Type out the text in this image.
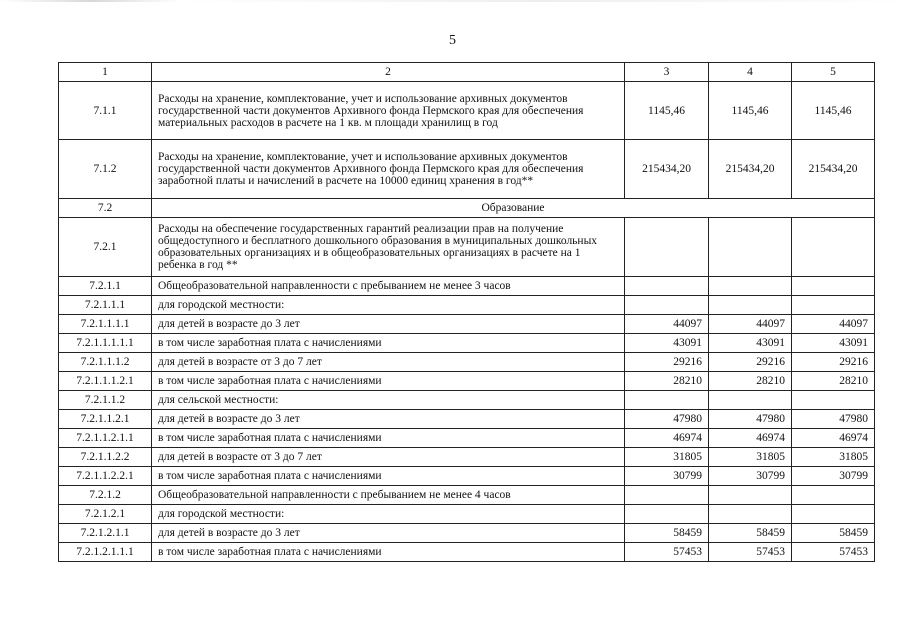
5
1	2	3	4	5
7.1.1	Расходы на хранение, комплектование, учет и использование архивных документов государственной части документов Архивного фонда Пермского края для обеспечения материальных расходов в расчете на 1 кв. м площади хранилищ в год	1145,46	1145,46	1145,46
7.1.2	Расходы на хранение, комплектование, учет и использование архивных документов государственной части документов Архивного фонда Пермского края для обеспечения заработной платы и начислений в расчете на 10000 единиц хранения в год**	215434,20	215434,20	215434,20
7.2	Образование			
7.2.1	Расходы на обеспечение государственных гарантий реализации прав на получение общедоступного и бесплатного дошкольного образования в муниципальных дошкольных образовательных организациях и в общеобразовательных организациях в расчете на 1 ребенка в год **			
7.2.1.1	Общеобразовательной направленности с пребыванием не менее 3 часов			
7.2.1.1.1	для городской местности:			
7.2.1.1.1.1	для детей в возрасте до 3 лет	44097	44097	44097
7.2.1.1.1.1.1	в том числе заработная плата с начислениями	43091	43091	43091
7.2.1.1.1.2	для детей в возрасте от 3 до 7 лет	29216	29216	29216
7.2.1.1.1.2.1	в том числе заработная плата с начислениями	28210	28210	28210
7.2.1.1.2	для сельской местности:			
7.2.1.1.2.1	для детей в возрасте до 3 лет	47980	47980	47980
7.2.1.1.2.1.1	в том числе заработная плата с начислениями	46974	46974	46974
7.2.1.1.2.2	для детей в возрасте от 3 до 7 лет	31805	31805	31805
7.2.1.1.2.2.1	в том числе заработная плата с начислениями	30799	30799	30799
7.2.1.2	Общеобразовательной направленности с пребыванием не менее 4 часов			
7.2.1.2.1	для городской местности:			
7.2.1.2.1.1	для детей в возрасте до 3 лет	58459	58459	58459
7.2.1.2.1.1.1	в том числе заработная плата с начислениями	57453	57453	57453
